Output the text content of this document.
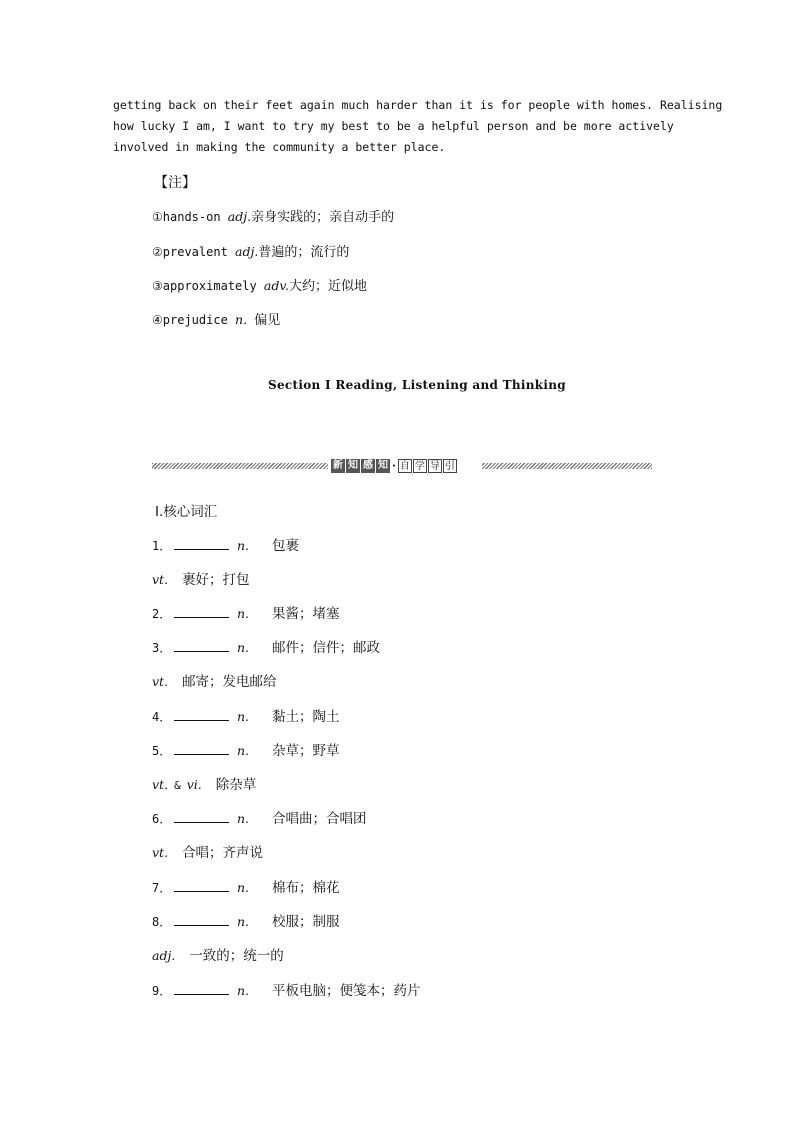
getting back on their feet again much harder than it is for people with homes. Realising
how lucky I am, I want to try my best to be a helpful person and be more actively
involved in making the community a better place.
【注】
①hands-on adj.亲身实践的；亲自动手的
②prevalent adj.普遍的；流行的
③approximately adv.大约；近似地
④prejudice n. 偏见
Section Ⅰ Reading, Listening and Thinking
新 知 感 知 · 自 学 导 引
Ⅰ.核心词汇
1．	n.	包裹
vt. 裹好；打包
2．	n.	果酱；堵塞
3．	n.	邮件；信件；邮政
vt. 邮寄；发电邮给
4．	n.	黏土；陶土
5．	n.	杂草；野草
vt. & vi. 除杂草
6．	n.	合唱曲；合唱团
vt. 合唱；齐声说
7．	n.	棉布；棉花
8．	n.	校服；制服
adj. 一致的；统一的
9．	n.	平板电脑；便笺本；药片
